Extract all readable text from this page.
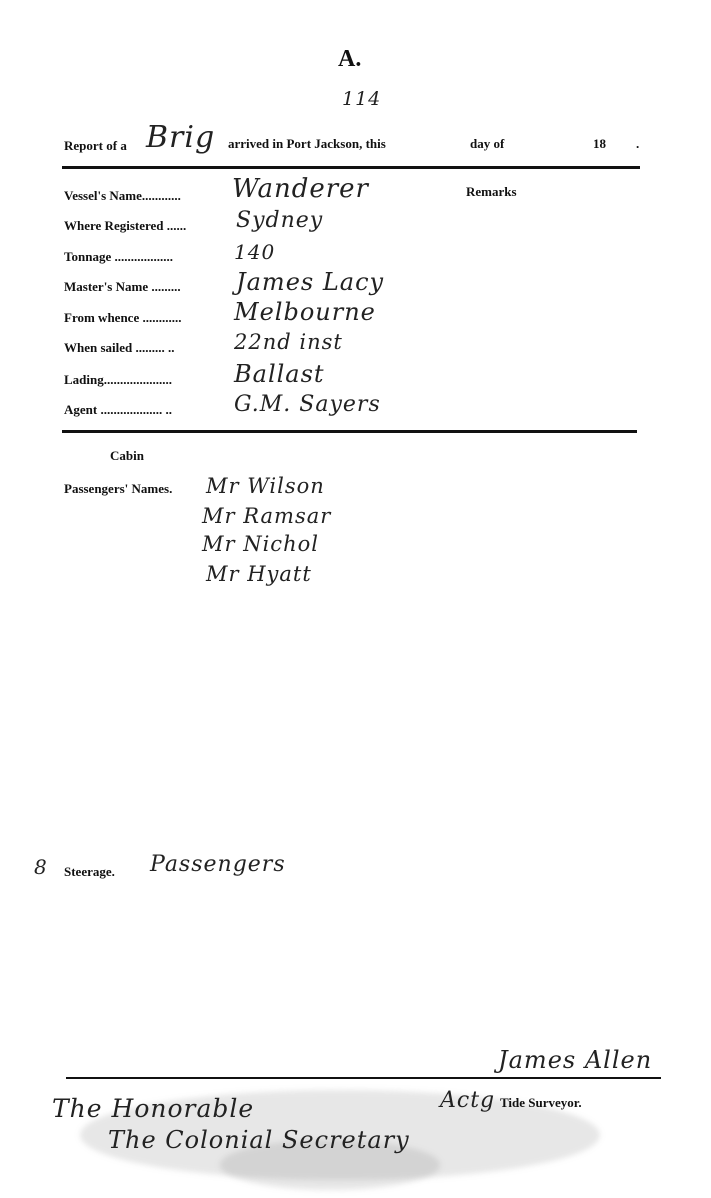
A.
114
Report of a Brig arrived in Port Jackson, this	day of	18 .
Remarks
Vessel's Name............ Wanderer
Where Registered ...... Sydney
Tonnage ..................	140
Master's Name ......... James Lacy
From whence ............ Melbourne
When sailed ......... ..	22nd inst
Lading.....................	Ballast
Agent ................... ..	G.M. Sayers
Cabin
Passengers' Names. Mr Wilson
Mr Ramsar
Mr Nichol
Mr Hyatt
8 Steerage. Passengers
James Allen
Actg Tide Surveyor.
The Honorable
The Colonial Secretary
